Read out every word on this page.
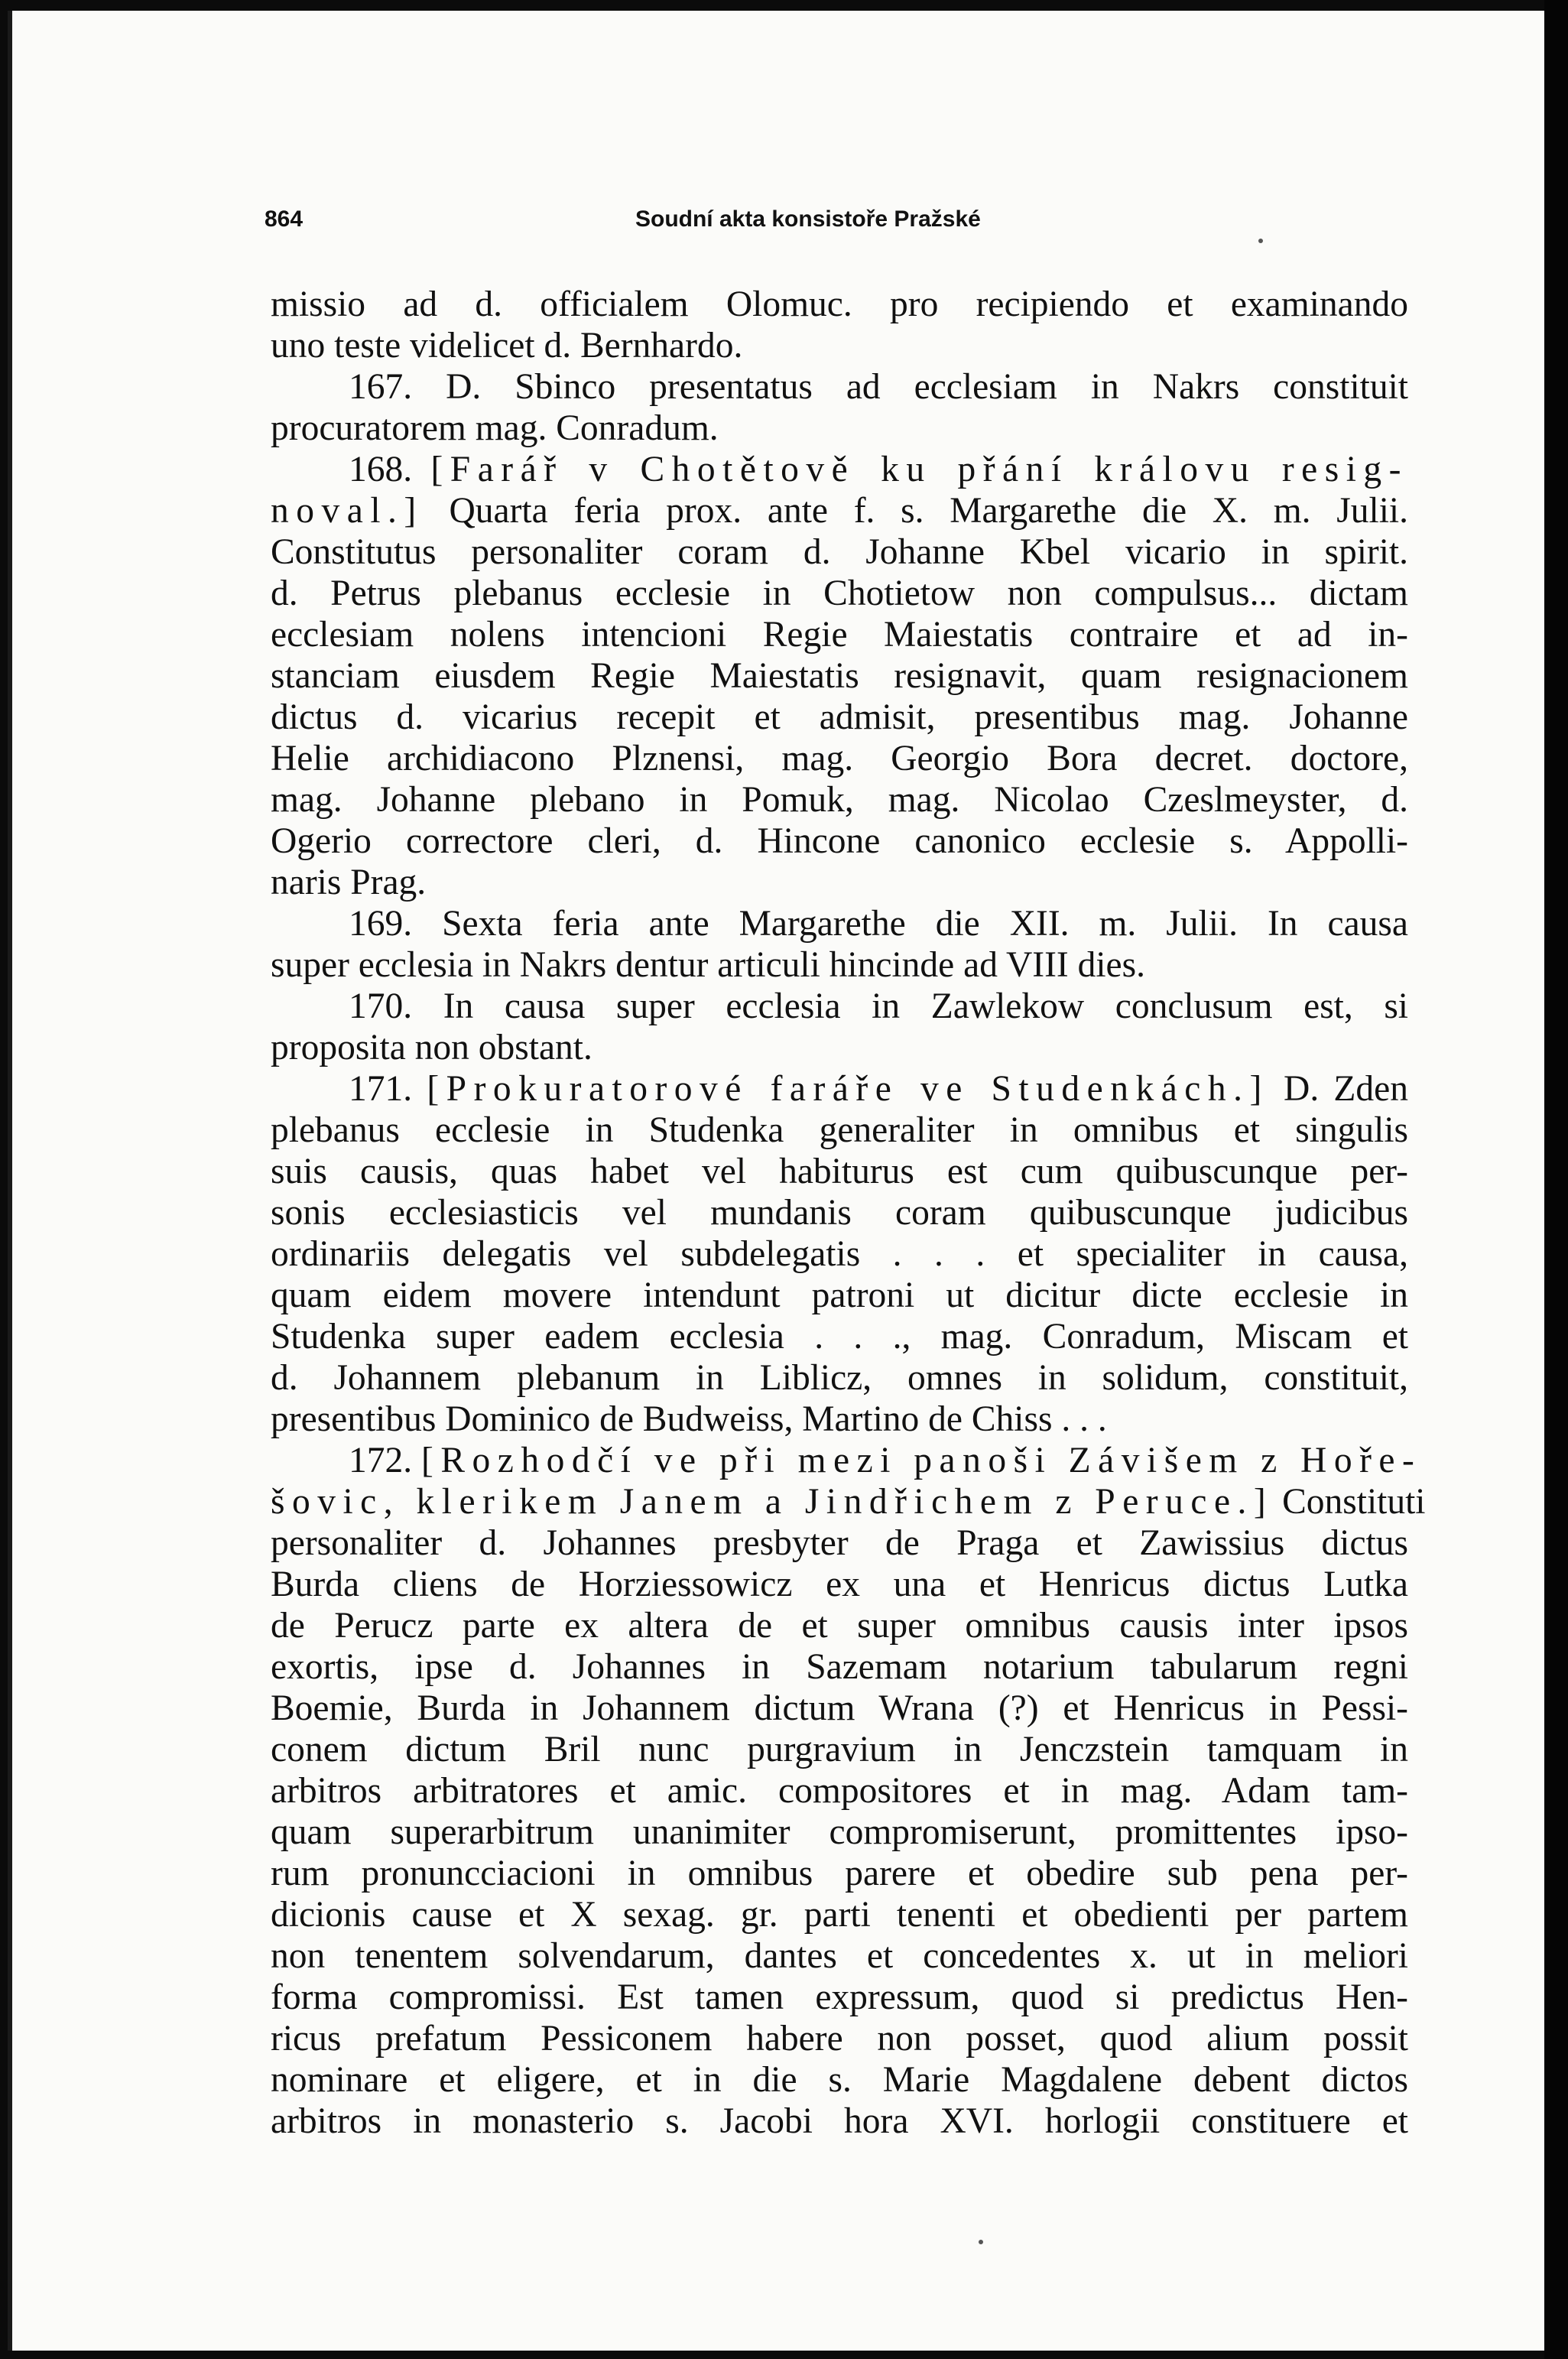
864	Soudní akta konsistoře Pražské
missio ad d. officialem Olomuc. pro recipiendo et examinando
uno teste videlicet d. Bernhardo.
167. D. Sbinco presentatus ad ecclesiam in Nakrs constituit
procuratorem mag. Conradum.
168. [Farář v Chotětově ku přání královu resig-
noval.] Quarta feria prox. ante f. s. Margarethe die X. m. Julii.
Constitutus personaliter coram d. Johanne Kbel vicario in spirit.
d. Petrus plebanus ecclesie in Chotietow non compulsus... dictam
ecclesiam nolens intencioni Regie Maiestatis contraire et ad in-
stanciam eiusdem Regie Maiestatis resignavit, quam resignacionem
dictus d. vicarius recepit et admisit, presentibus mag. Johanne
Helie archidiacono Plznensi, mag. Georgio Bora decret. doctore,
mag. Johanne plebano in Pomuk, mag. Nicolao Czeslmeyster, d.
Ogerio correctore cleri, d. Hincone canonico ecclesie s. Appolli-
naris Prag.
169. Sexta feria ante Margarethe die XII. m. Julii. In causa
super ecclesia in Nakrs dentur articuli hincinde ad VIII dies.
170. In causa super ecclesia in Zawlekow conclusum est, si
proposita non obstant.
171. [Prokuratorové faráře ve Studenkách.] D. Zden
plebanus ecclesie in Studenka generaliter in omnibus et singulis
suis causis, quas habet vel habiturus est cum quibuscunque per-
sonis ecclesiasticis vel mundanis coram quibuscunque judicibus
ordinariis delegatis vel subdelegatis . . . et specialiter in causa,
quam eidem movere intendunt patroni ut dicitur dicte ecclesie in
Studenka super eadem ecclesia . . ., mag. Conradum, Miscam et
d. Johannem plebanum in Liblicz, omnes in solidum, constituit,
presentibus Dominico de Budweiss, Martino de Chiss . . .
172. [Rozhodčí ve při mezi panoši Závišem z Hoře-
šovic, klerikem Janem a Jindřichem z Peruce.] Constituti
personaliter d. Johannes presbyter de Praga et Zawissius dictus
Burda cliens de Horziessowicz ex una et Henricus dictus Lutka
de Perucz parte ex altera de et super omnibus causis inter ipsos
exortis, ipse d. Johannes in Sazemam notarium tabularum regni
Boemie, Burda in Johannem dictum Wrana (?) et Henricus in Pessi-
conem dictum Bril nunc purgravium in Jenczstein tamquam in
arbitros arbitratores et amic. compositores et in mag. Adam tam-
quam superarbitrum unanimiter compromiserunt, promittentes ipso-
rum pronuncciacioni in omnibus parere et obedire sub pena per-
dicionis cause et X sexag. gr. parti tenenti et obedienti per partem
non tenentem solvendarum, dantes et concedentes x. ut in meliori
forma compromissi. Est tamen expressum, quod si predictus Hen-
ricus prefatum Pessiconem habere non posset, quod alium possit
nominare et eligere, et in die s. Marie Magdalene debent dictos
arbitros in monasterio s. Jacobi hora XVI. horlogii constituere et
